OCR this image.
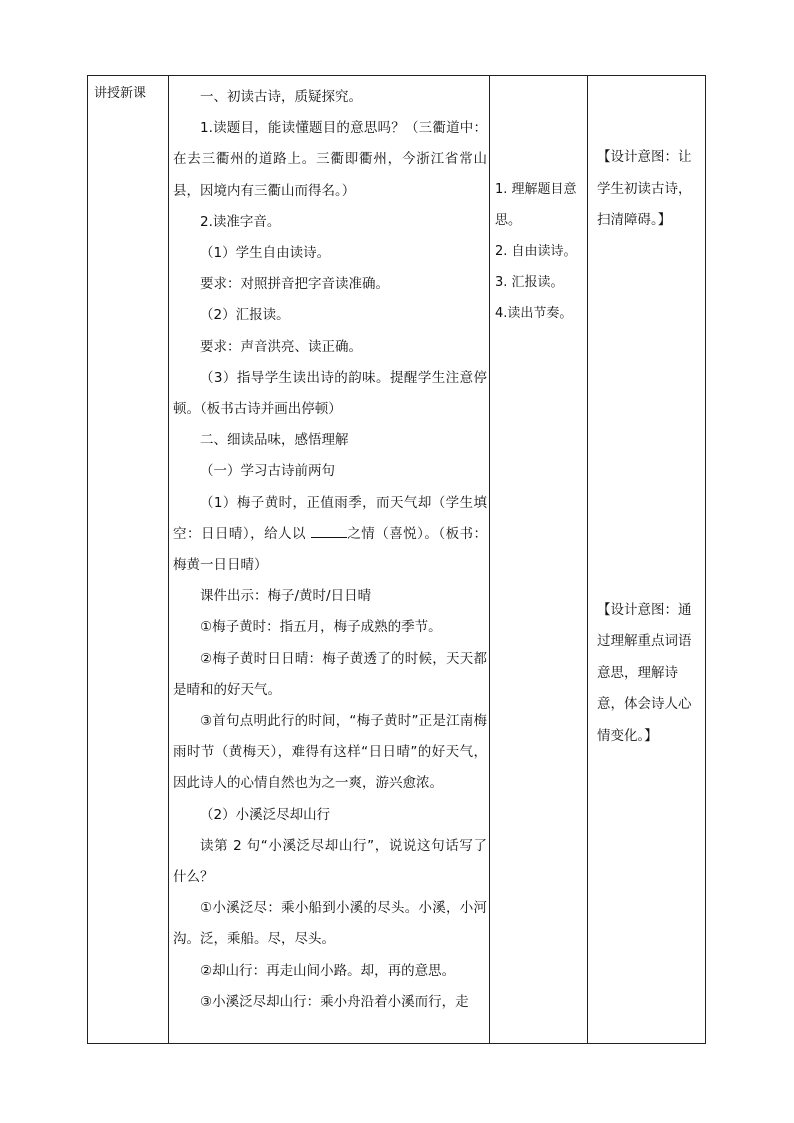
讲授新课	一、初读古诗，质疑探究。

1.读题目，能读懂题目的意思吗？（三衢道中：在去三衢州的道路上。三衢即衢州，今浙江省常山县，因境内有三衢山而得名。）

2.读准字音。

（1）学生自由读诗。

要求：对照拼音把字音读准确。

（2）汇报读。

要求：声音洪亮、读正确。

（3）指导学生读出诗的韵味。提醒学生注意停顿。（板书古诗并画出停顿）

二、细读品味，感悟理解

（一）学习古诗前两句

（1）梅子黄时，正值雨季，而天气却（学生填空：日日晴），给人以	之情（喜悦）。（板书：梅黄一日日晴）

课件出示：梅子/黄时/日日晴

①梅子黄时：指五月，梅子成熟的季节。

②梅子黄时日日晴：梅子黄透了的时候，天天都是晴和的好天气。

③首句点明此行的时间，“梅子黄时”正是江南梅雨时节（黄梅天），难得有这样“日日晴”的好天气，因此诗人的心情自然也为之一爽，游兴愈浓。

（2）小溪泛尽却山行

读第 2 句“小溪泛尽却山行”，说说这句话写了什么？

①小溪泛尽：乘小船到小溪的尽头。小溪，小河沟。泛，乘船。尽，尽头。

②却山行：再走山间小路。却，再的意思。

③小溪泛尽却山行：乘小舟沿着小溪而行，走

1. 理解题目意思。

2. 自由读诗。

3. 汇报读。

4.读出节奏。

【设计意图：让学生初读古诗，扫清障碍。】

【设计意图：通过理解重点词语意思，理解诗意，体会诗人心情变化。】
